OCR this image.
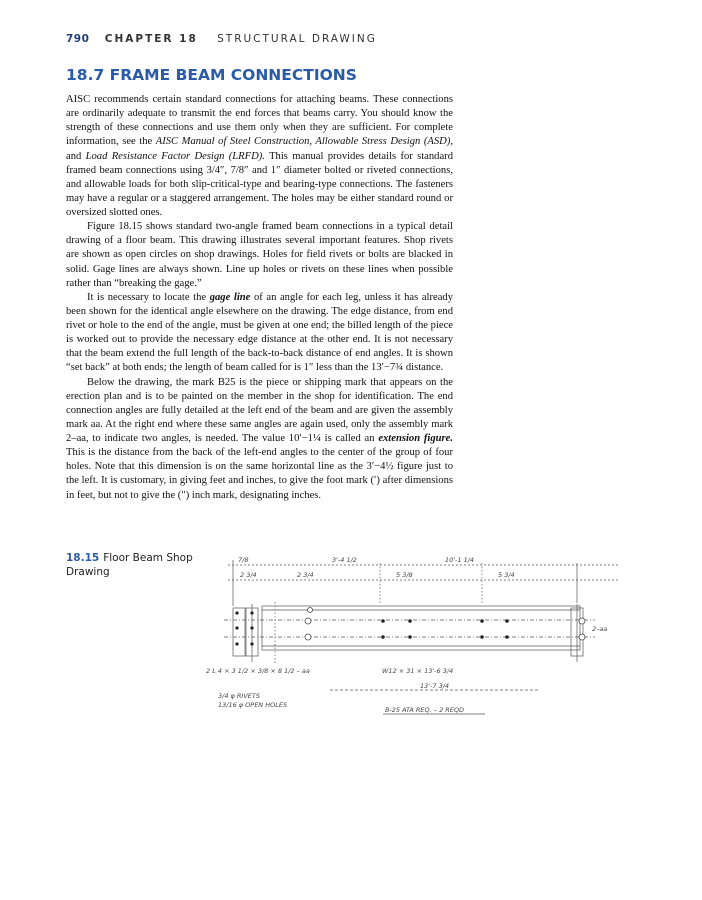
790 CHAPTER 18 STRUCTURAL DRAWING
18.7 FRAME BEAM CONNECTIONS

AISC recommends certain standard connections for attaching beams. These connections are ordinarily adequate to transmit the end forces that beams carry. You should know the strength of these connections and use them only when they are sufficient. For complete information, see the AISC Manual of Steel Construction, Allowable Stress Design (ASD), and Load Resistance Factor Design (LRFD). This manual provides details for standard framed beam connections using 3/4″, 7/8″ and 1″ diameter bolted or riveted connections, and allowable loads for both slip-critical-type and bearing-type connections. The fasteners may have a regular or a staggered arrangement. The holes may be either standard round or oversized slotted ones.

Figure 18.15 shows standard two-angle framed beam connections in a typical detail drawing of a floor beam. This drawing illustrates several important features. Shop rivets are shown as open circles on shop drawings. Holes for field rivets or bolts are blacked in solid. Gage lines are always shown. Line up holes or rivets on these lines when possible rather than “breaking the gage.”

It is necessary to locate the gage line of an angle for each leg, unless it has already been shown for the identical angle elsewhere on the drawing. The edge distance, from end rivet or hole to the end of the angle, must be given at one end; the billed length of the piece is worked out to provide the necessary edge distance at the other end. It is not necessary that the beam extend the full length of the back-to-back distance of end angles. It is shown “set back” at both ends; the length of beam called for is 1″ less than the 13′−7¾ distance.

Below the drawing, the mark B25 is the piece or shipping mark that appears on the erection plan and is to be painted on the member in the shop for identification. The end connection angles are fully detailed at the left end of the beam and are given the assembly mark aa. At the right end where these same angles are again used, only the assembly mark 2–aa, to indicate two angles, is needed. The value 10′−1¼ is called an extension figure. This is the distance from the back of the left-end angles to the center of the group of four holes. Note that this dimension is on the same horizontal line as the 3′−4½ figure just to the left. It is customary, in giving feet and inches, to give the foot mark (′) after dimensions in feet, but not to give the (″) inch mark, designating inches.

18.15 Floor Beam Shop Drawing
7/8
2 3/4
3'-4 1/2
2 3/4	5 3/8
10'-1 1/4
5 3/4
2–aa
2 L 4 × 3 1/2 × 3/8 × 8 1/2 – aa	W12 × 31 × 13'-6 3/4
13'-7 3/4
3/4 φ RIVETS
13/16 φ OPEN HOLES
B-25 ATA REQ. – 2 REQD
